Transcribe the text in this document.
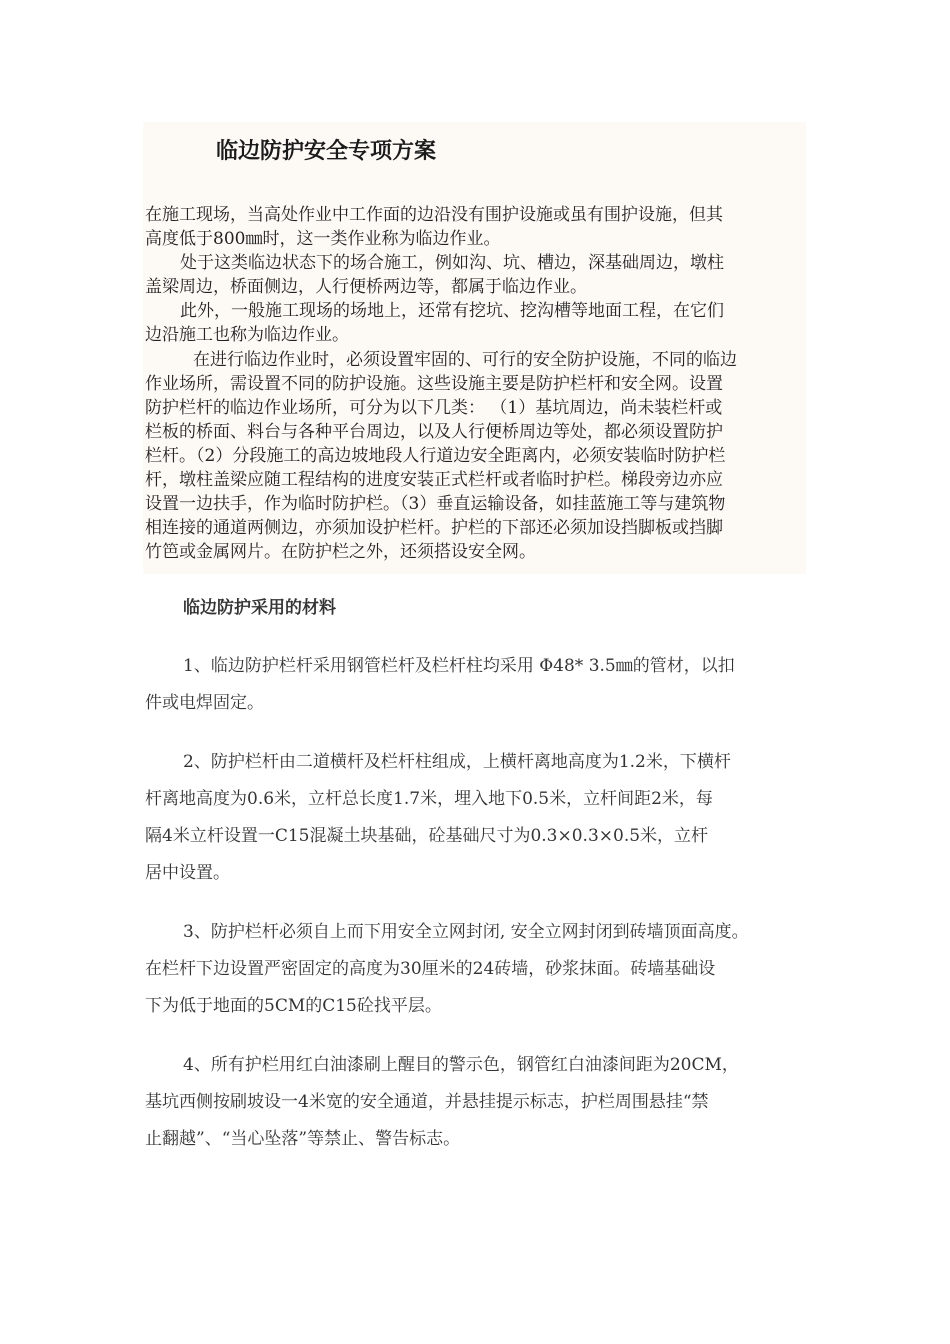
临边防护安全专项方案

在施工现场，当高处作业中工作面的边沿没有围护设施或虽有围护设施，但其

高度低于800㎜时，这一类作业称为临边作业。

处于这类临边状态下的场合施工，例如沟、坑、槽边，深基础周边，墩柱

盖梁周边，桥面侧边，人行便桥两边等，都属于临边作业。

此外，一般施工现场的场地上，还常有挖坑、挖沟槽等地面工程，在它们

边沿施工也称为临边作业。

在进行临边作业时，必须设置牢固的、可行的安全防护设施，不同的临边

作业场所，需设置不同的防护设施。这些设施主要是防护栏杆和安全网。设置

防护栏杆的临边作业场所，可分为以下几类： （1）基坑周边，尚未装栏杆或

栏板的桥面、料台与各种平台周边，以及人行便桥周边等处，都必须设置防护

栏杆。（2）分段施工的高边坡地段人行道边安全距离内，必须安装临时防护栏

杆，墩柱盖梁应随工程结构的进度安装正式栏杆或者临时护栏。梯段旁边亦应

设置一边扶手，作为临时防护栏。（3）垂直运输设备，如挂蓝施工等与建筑物

相连接的通道两侧边，亦须加设护栏杆。护栏的下部还必须加设挡脚板或挡脚

竹笆或金属网片。在防护栏之外，还须搭设安全网。

临边防护采用的材料

1、临边防护栏杆采用钢管栏杆及栏杆柱均采用 Φ48* 3.5㎜的管材，以扣

件或电焊固定。

2、防护栏杆由二道横杆及栏杆柱组成，上横杆离地高度为1.2米，下横杆

杆离地高度为0.6米，立杆总长度1.7米，埋入地下0.5米，立杆间距2米，每

隔4米立杆设置一C15混凝土块基础，砼基础尺寸为0.3×0.3×0.5米，立杆

居中设置。

3、防护栏杆必须自上而下用安全立网封闭, 安全立网封闭到砖墙顶面高度。

在栏杆下边设置严密固定的高度为30厘米的24砖墙，砂浆抹面。砖墙基础设

下为低于地面的5CM的C15砼找平层。

4、所有护栏用红白油漆刷上醒目的警示色，钢管红白油漆间距为20CM，

基坑西侧按刷坡设一4米宽的安全通道，并悬挂提示标志，护栏周围悬挂“禁

止翻越”、“当心坠落”等禁止、警告标志。
